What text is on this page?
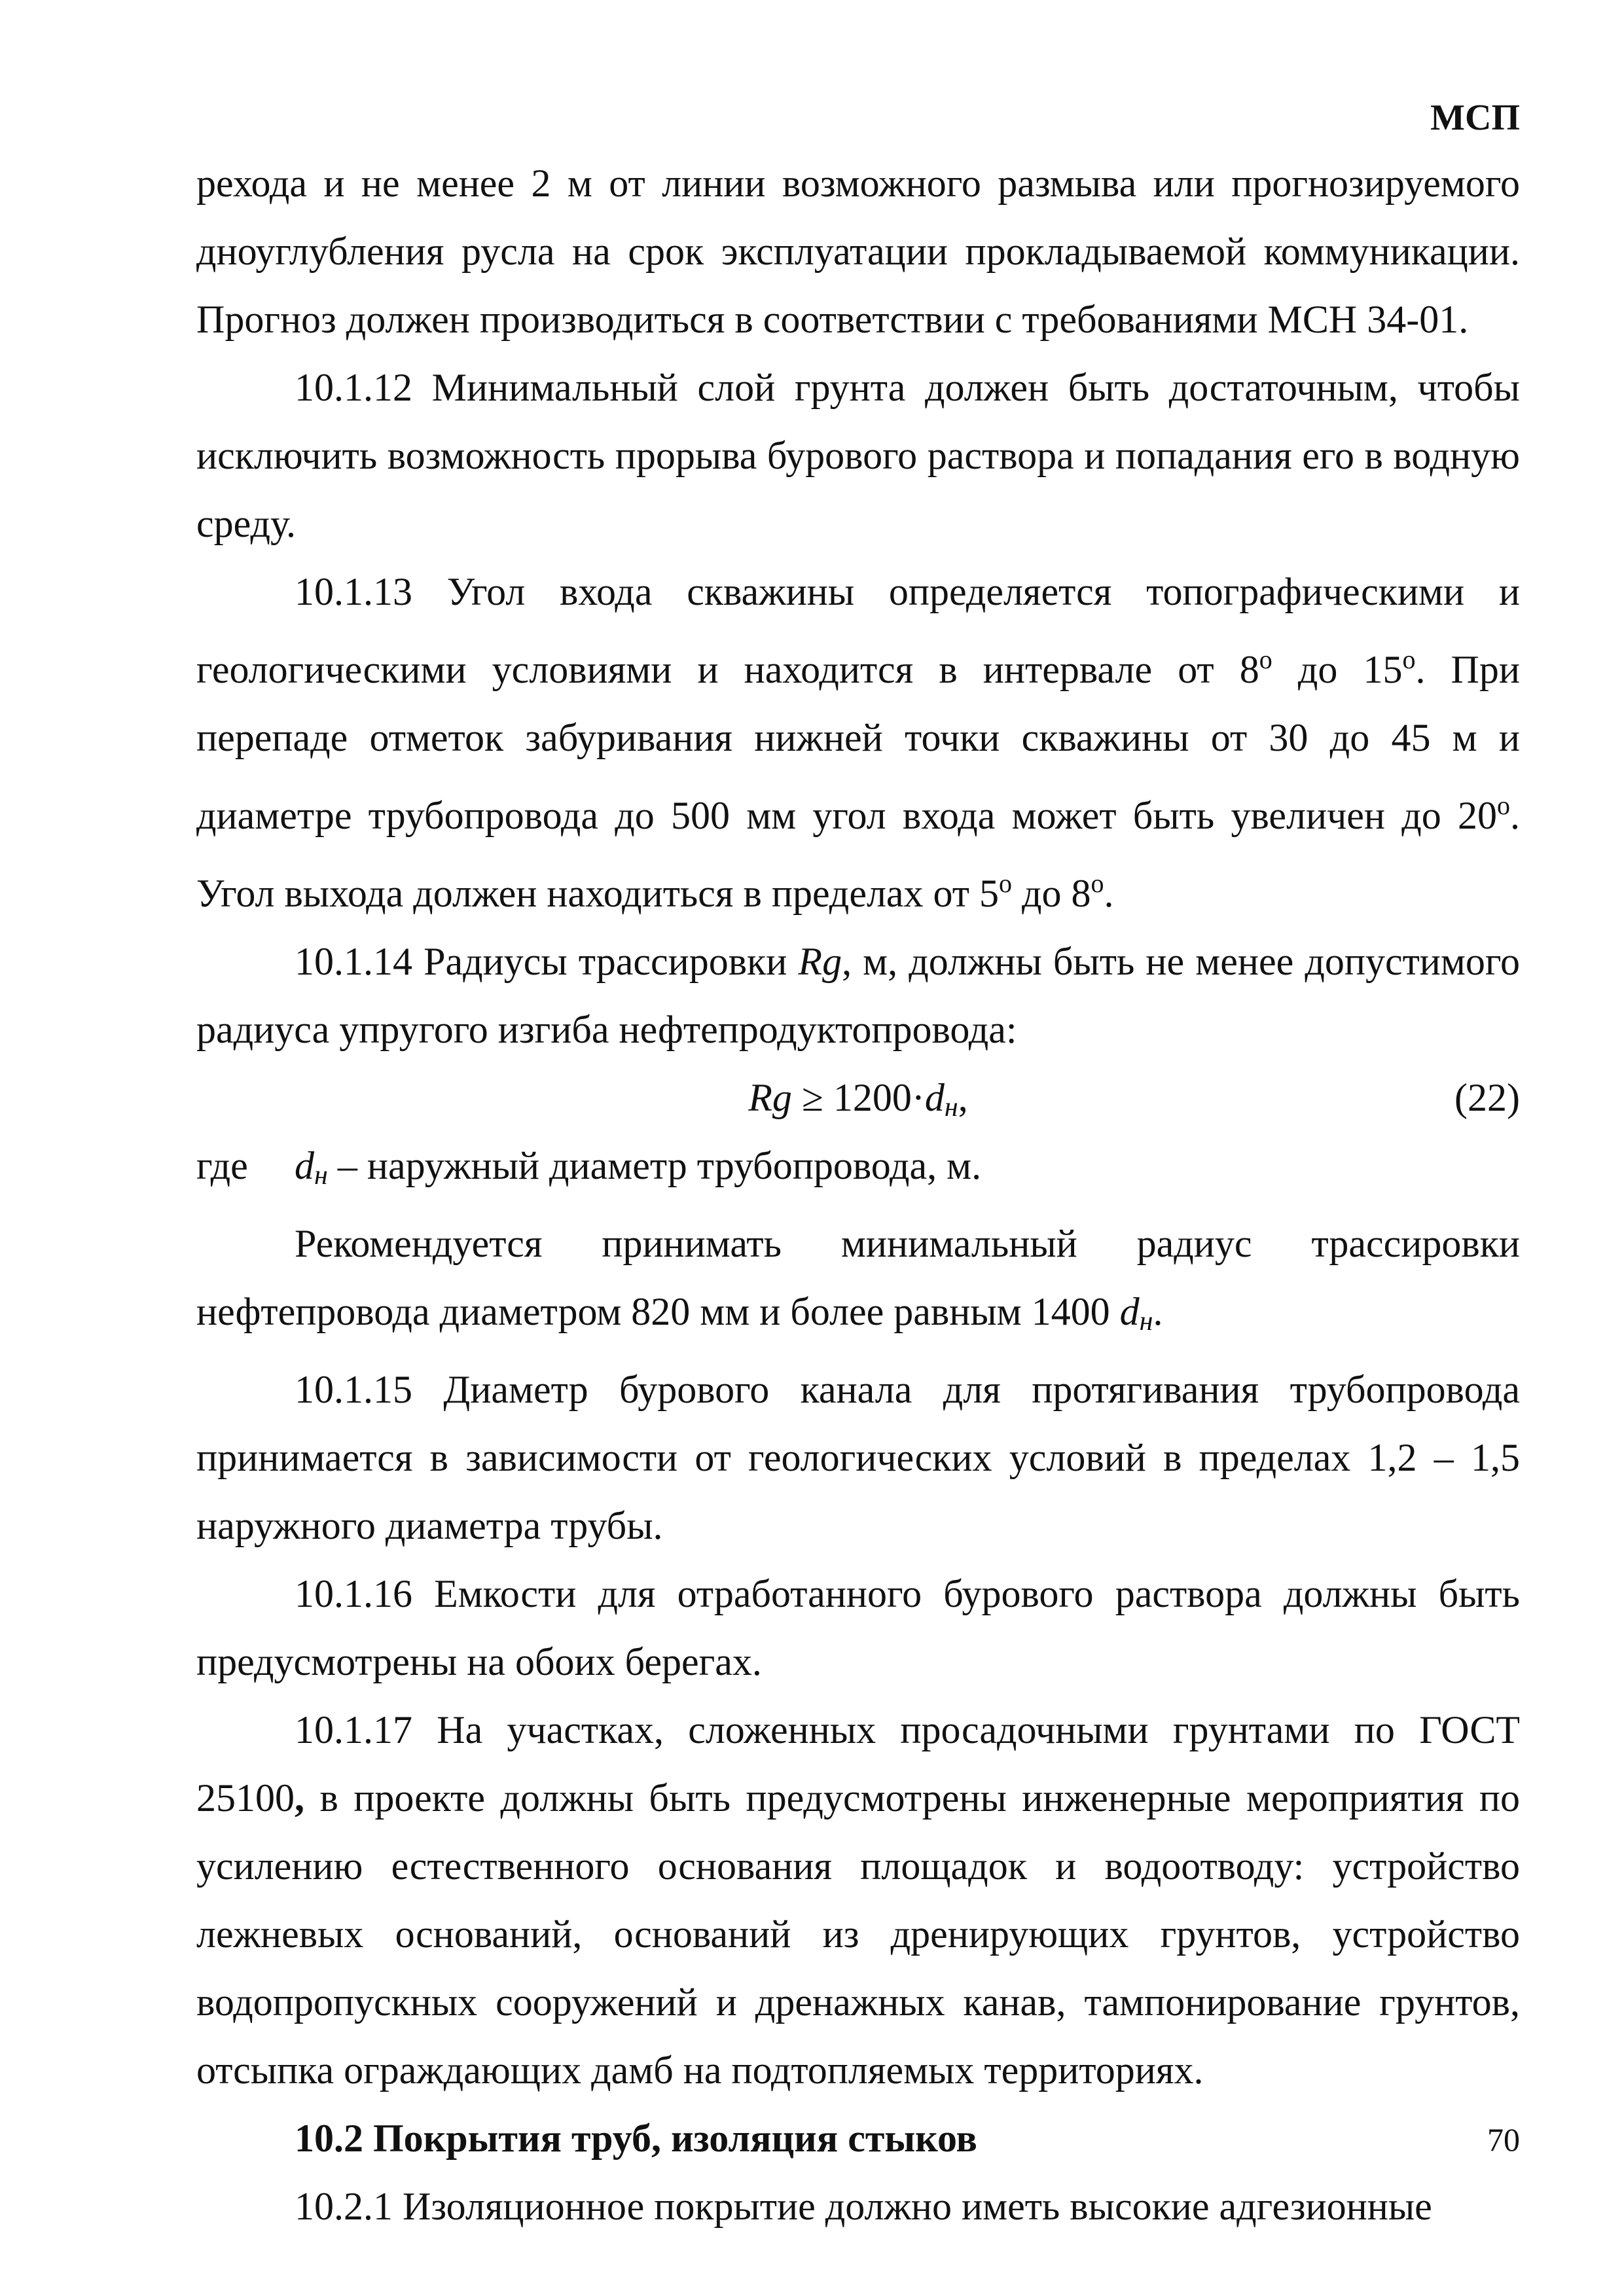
МСП

рехода и не менее 2 м от линии возможного размыва или прогнозируемого дноуглубления русла на срок эксплуатации прокладываемой коммуникации. Прогноз должен производиться в соответствии с требованиями МСН 34-01.

10.1.12 Минимальный слой грунта должен быть достаточным, чтобы исключить возможность прорыва бурового раствора и попадания его в водную среду.

10.1.13 Угол входа скважины определяется топографическими и геологическими условиями и находится в интервале от 8$^o$ до 15$^o$. При перепаде отметок забуривания нижней точки скважины от 30 до 45 м и диаметре трубопровода до 500 мм угол входа может быть увеличен до 20$^o$. Угол выхода должен находиться в пределах от 5$^o$ до 8$^o$.

10.1.14 Радиусы трассировки Rg, м, должны быть не менее допустимого радиуса упругого изгиба нефтепродуктопровода:

Rg ≥ 1200·dн,	(22)

где dн – наружный диаметр трубопровода, м.

Рекомендуется принимать минимальный радиус трассировки нефтепровода диаметром 820 мм и более равным 1400 dн.

10.1.15 Диаметр бурового канала для протягивания трубопровода принимается в зависимости от геологических условий в пределах 1,2 – 1,5 наружного диаметра трубы.

10.1.16 Емкости для отработанного бурового раствора должны быть предусмотрены на обоих берегах.

10.1.17 На участках, сложенных просадочными грунтами по ГОСТ 25100, в проекте должны быть предусмотрены инженерные мероприятия по усилению естественного основания площадок и водоотводу: устройство лежневых оснований, оснований из дренирующих грунтов, устройство водопропускных сооружений и дренажных канав, тампонирование грунтов, отсыпка ограждающих дамб на подтопляемых территориях.

10.2 Покрытия труб, изоляция стыков

10.2.1 Изоляционное покрытие должно иметь высокие адгезионные

70
